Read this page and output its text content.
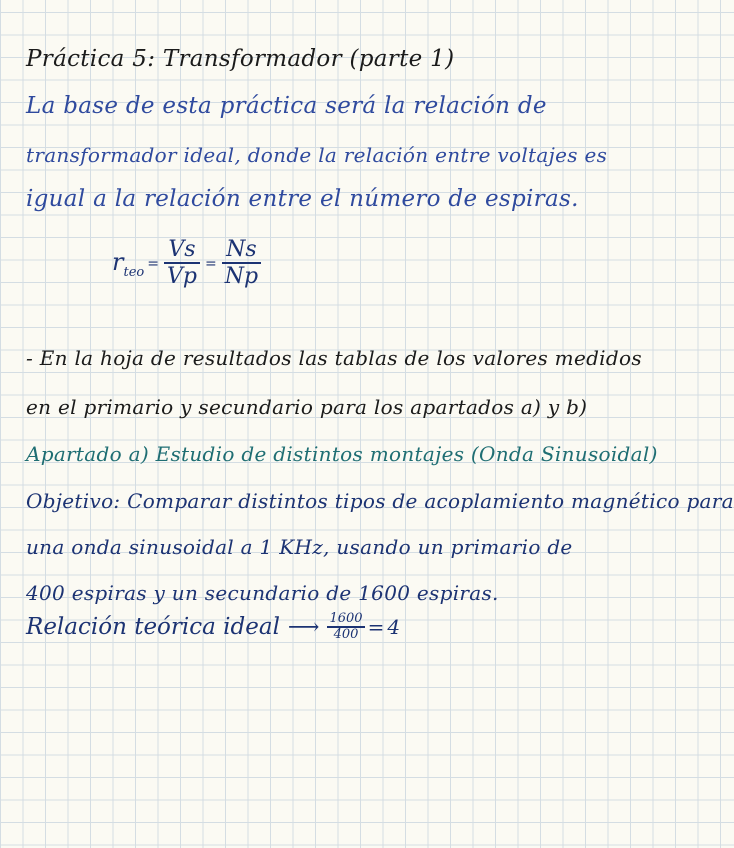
Práctica 5: Transformador (parte 1)
La base de esta práctica será la relación de
transformador ideal, donde la relación entre voltajes es
igual a la relación entre el número de espiras.
$r_{teo}$
= $\frac{Vs}{Vp} = \frac{Ns}{Np}$
- En la hoja de resultados las tablas de los valores medidos
en el primario y secundario para los apartados a) y b)
Apartado a) Estudio de distintos montajes (Onda Sinusoidal)
Objetivo: Comparar distintos tipos de acoplamiento magnético para
una onda sinusoidal a 1 KHz, usando un primario de
400 espiras y un secundario de 1600 espiras.
Relación teórica ideal ⟶ $\frac{1600}{400} = 4$
